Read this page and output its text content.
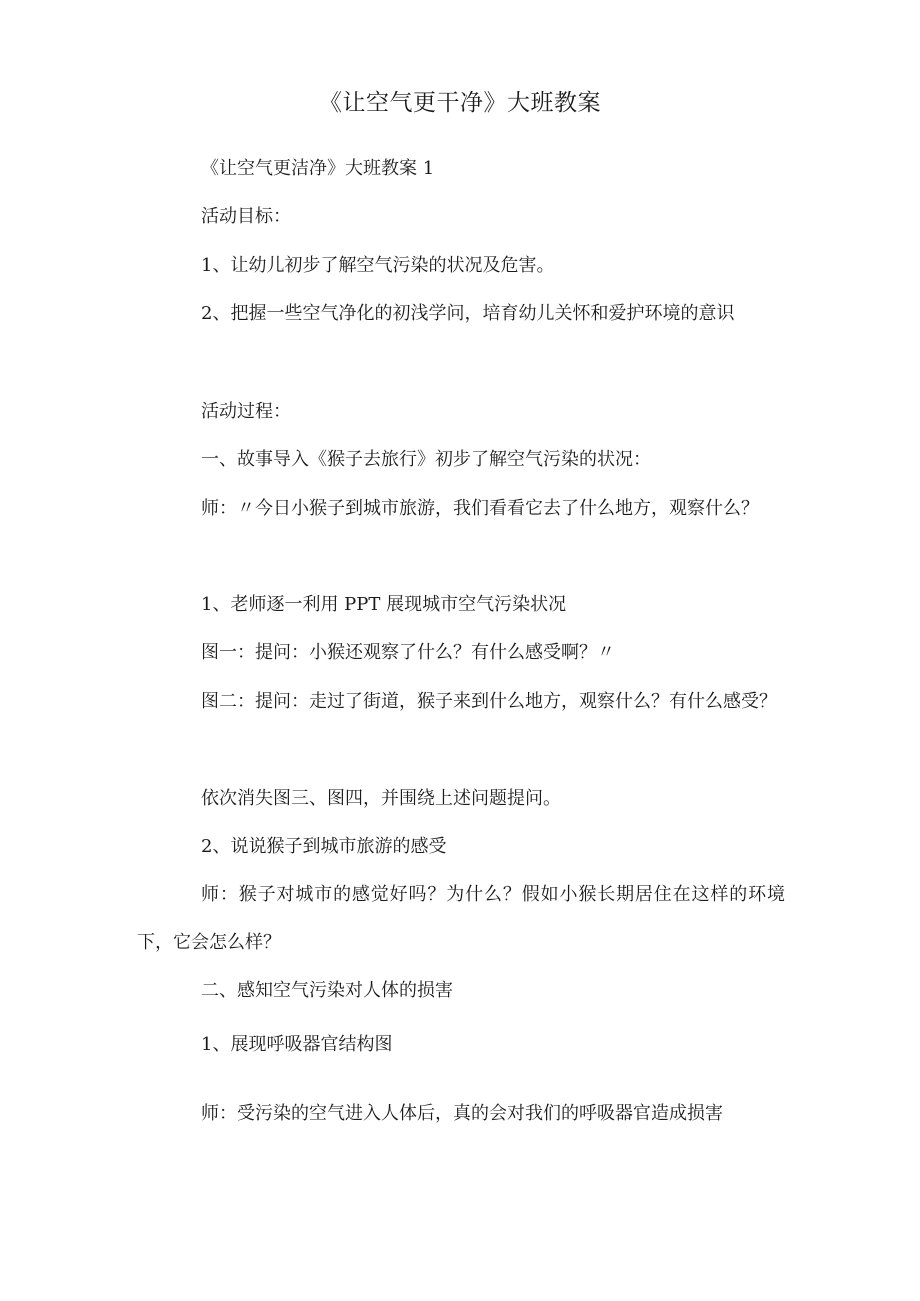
《让空气更干净》大班教案
《让空气更洁净》大班教案 1
活动目标：
1、让幼儿初步了解空气污染的状况及危害。
2、把握一些空气净化的初浅学问，培育幼儿关怀和爱护环境的意识
活动过程：
一、故事导入《猴子去旅行》初步了解空气污染的状况：
师：〃今日小猴子到城市旅游，我们看看它去了什么地方，观察什么？
1、老师逐一利用 PPT 展现城市空气污染状况
图一：提问：小猴还观察了什么？有什么感受啊？〃
图二：提问：走过了街道，猴子来到什么地方，观察什么？有什么感受？
依次消失图三、图四，并围绕上述问题提问。
2、说说猴子到城市旅游的感受
师：猴子对城市的感觉好吗？为什么？假如小猴长期居住在这样的环境下，它会怎么样？
二、感知空气污染对人体的损害
1、展现呼吸器官结构图
师：受污染的空气进入人体后，真的会对我们的呼吸器官造成损害
